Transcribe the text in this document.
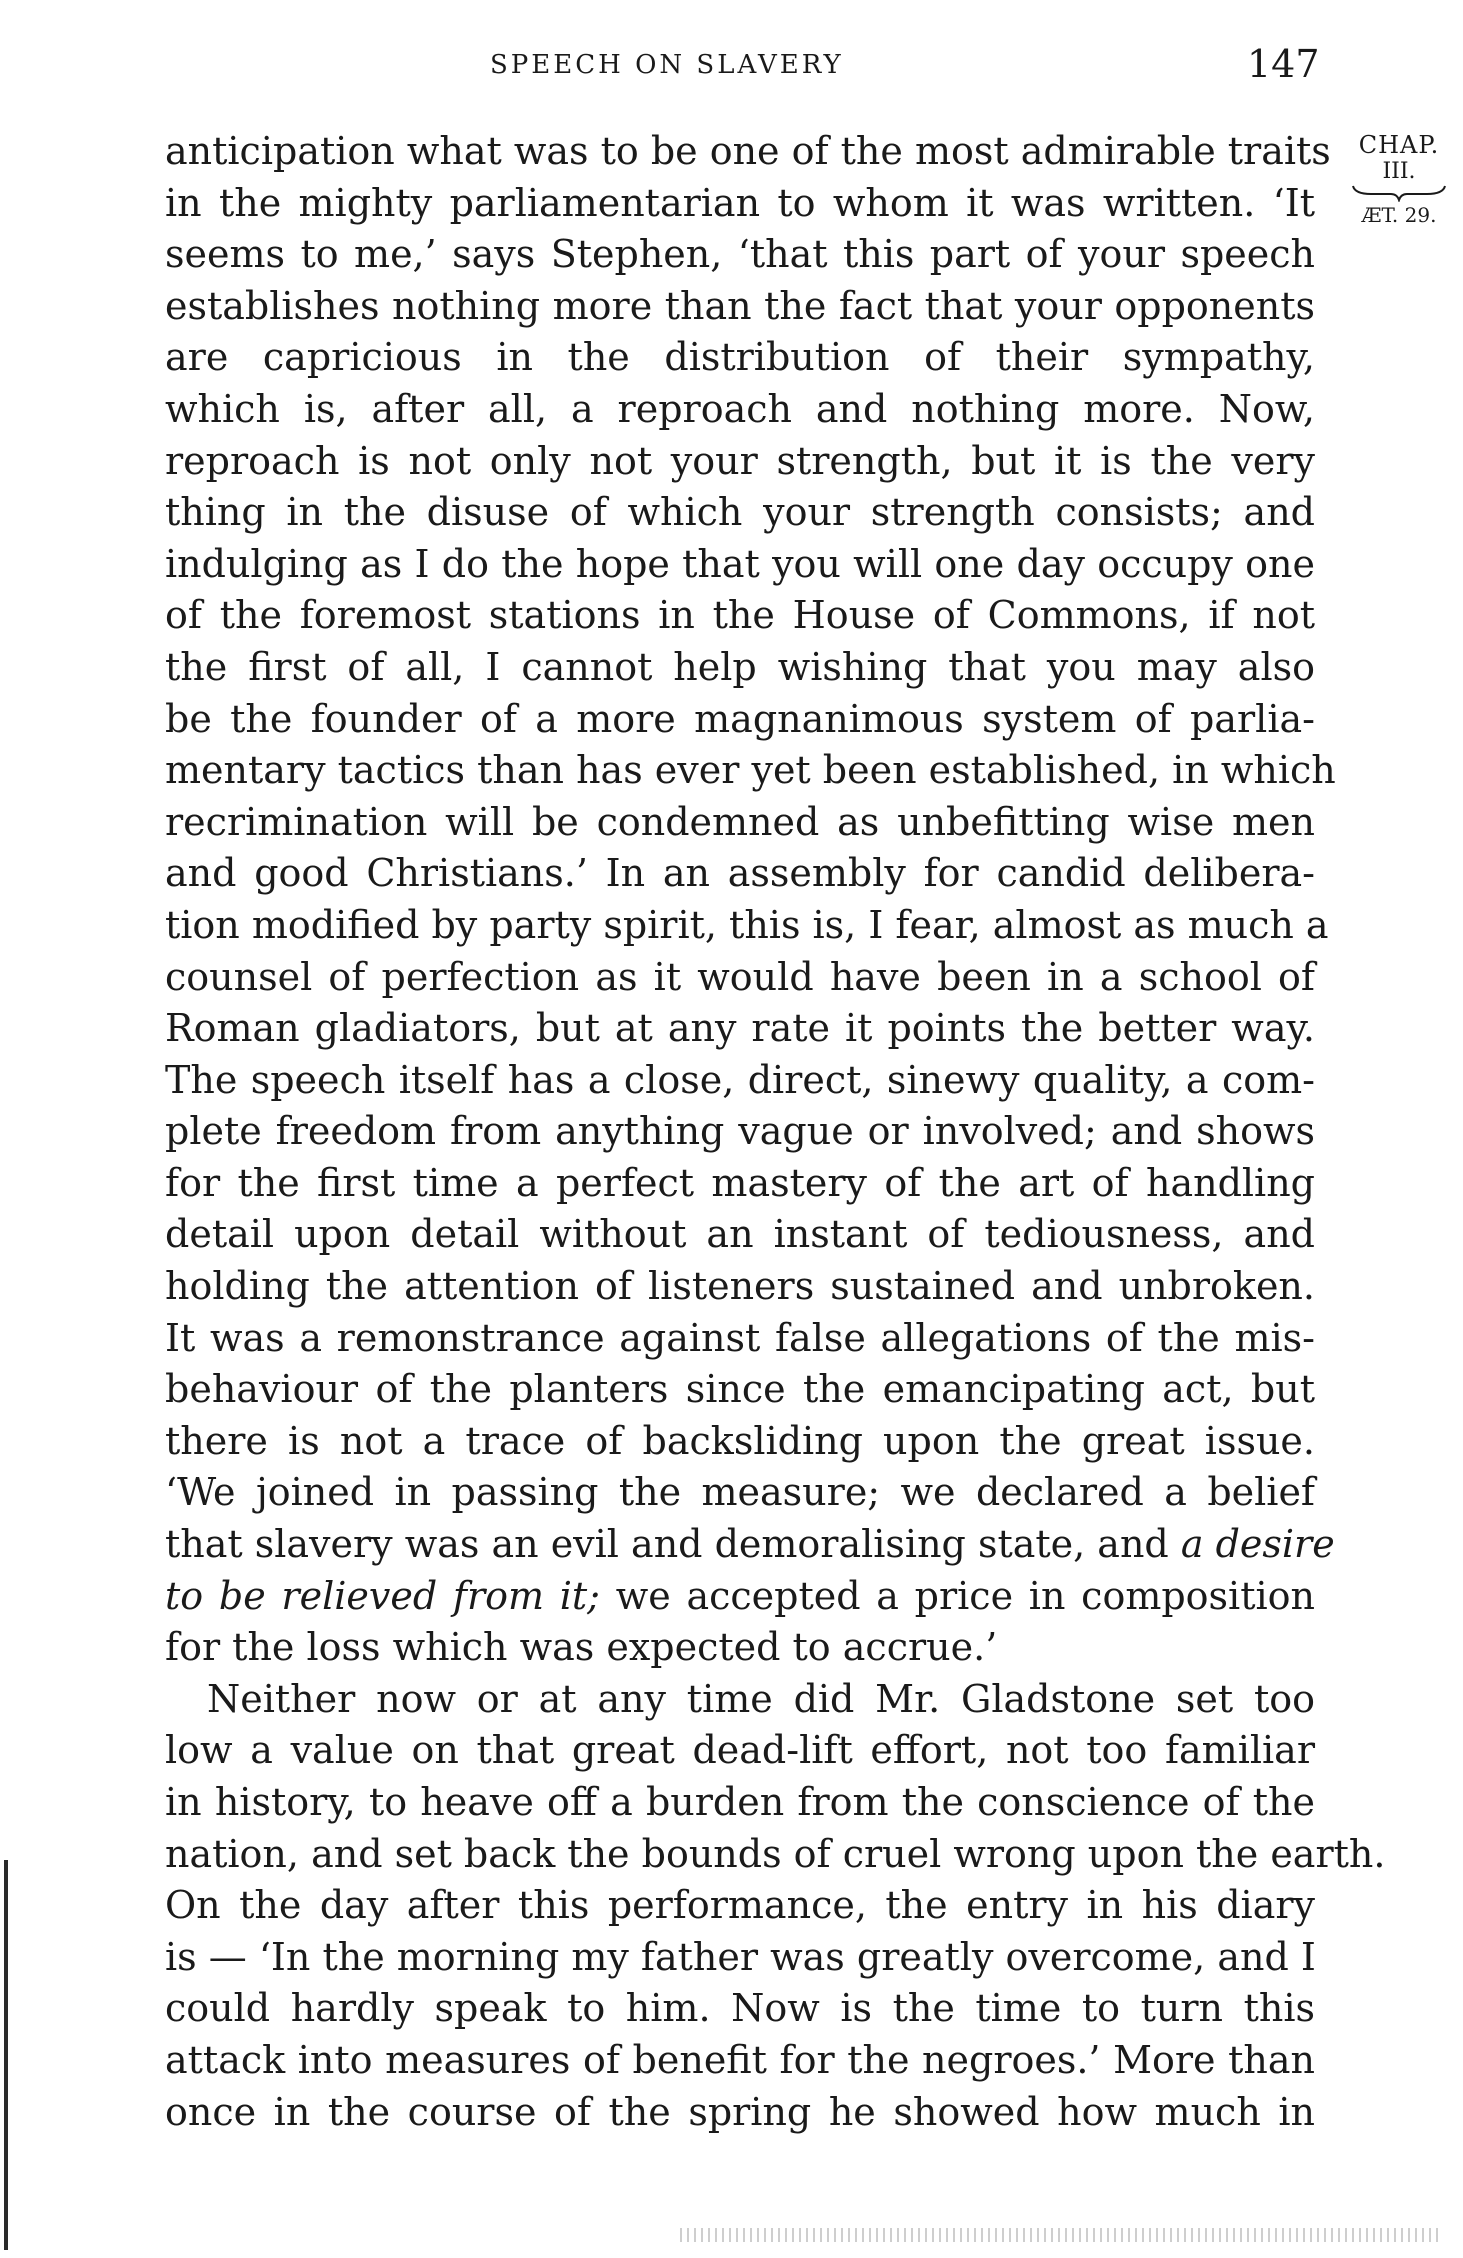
SPEECH ON SLAVERY	147
CHAP.
III.
ÆT. 29.
anticipation what was to be one of the most admirable traits
in the mighty parliamentarian to whom it was written. ‘It
seems to me,’ says Stephen, ‘that this part of your speech
establishes nothing more than the fact that your opponents
are capricious in the distribution of their sympathy,
which is, after all, a reproach and nothing more. Now,
reproach is not only not your strength, but it is the very
thing in the disuse of which your strength consists; and
indulging as I do the hope that you will one day occupy one
of the foremost stations in the House of Commons, if not
the first of all, I cannot help wishing that you may also
be the founder of a more magnanimous system of parlia-
mentary tactics than has ever yet been established, in which
recrimination will be condemned as unbefitting wise men
and good Christians.’ In an assembly for candid delibera-
tion modified by party spirit, this is, I fear, almost as much a
counsel of perfection as it would have been in a school of
Roman gladiators, but at any rate it points the better way.
The speech itself has a close, direct, sinewy quality, a com-
plete freedom from anything vague or involved; and shows
for the first time a perfect mastery of the art of handling
detail upon detail without an instant of tediousness, and
holding the attention of listeners sustained and unbroken.
It was a remonstrance against false allegations of the mis-
behaviour of the planters since the emancipating act, but
there is not a trace of backsliding upon the great issue.
‘We joined in passing the measure; we declared a belief
that slavery was an evil and demoralising state, and a desire
to be relieved from it; we accepted a price in composition
for the loss which was expected to accrue.’
Neither now or at any time did Mr. Gladstone set too
low a value on that great dead-lift effort, not too familiar
in history, to heave off a burden from the conscience of the
nation, and set back the bounds of cruel wrong upon the earth.
On the day after this performance, the entry in his diary
is — ‘In the morning my father was greatly overcome, and I
could hardly speak to him. Now is the time to turn this
attack into measures of benefit for the negroes.’ More than
once in the course of the spring he showed how much in
